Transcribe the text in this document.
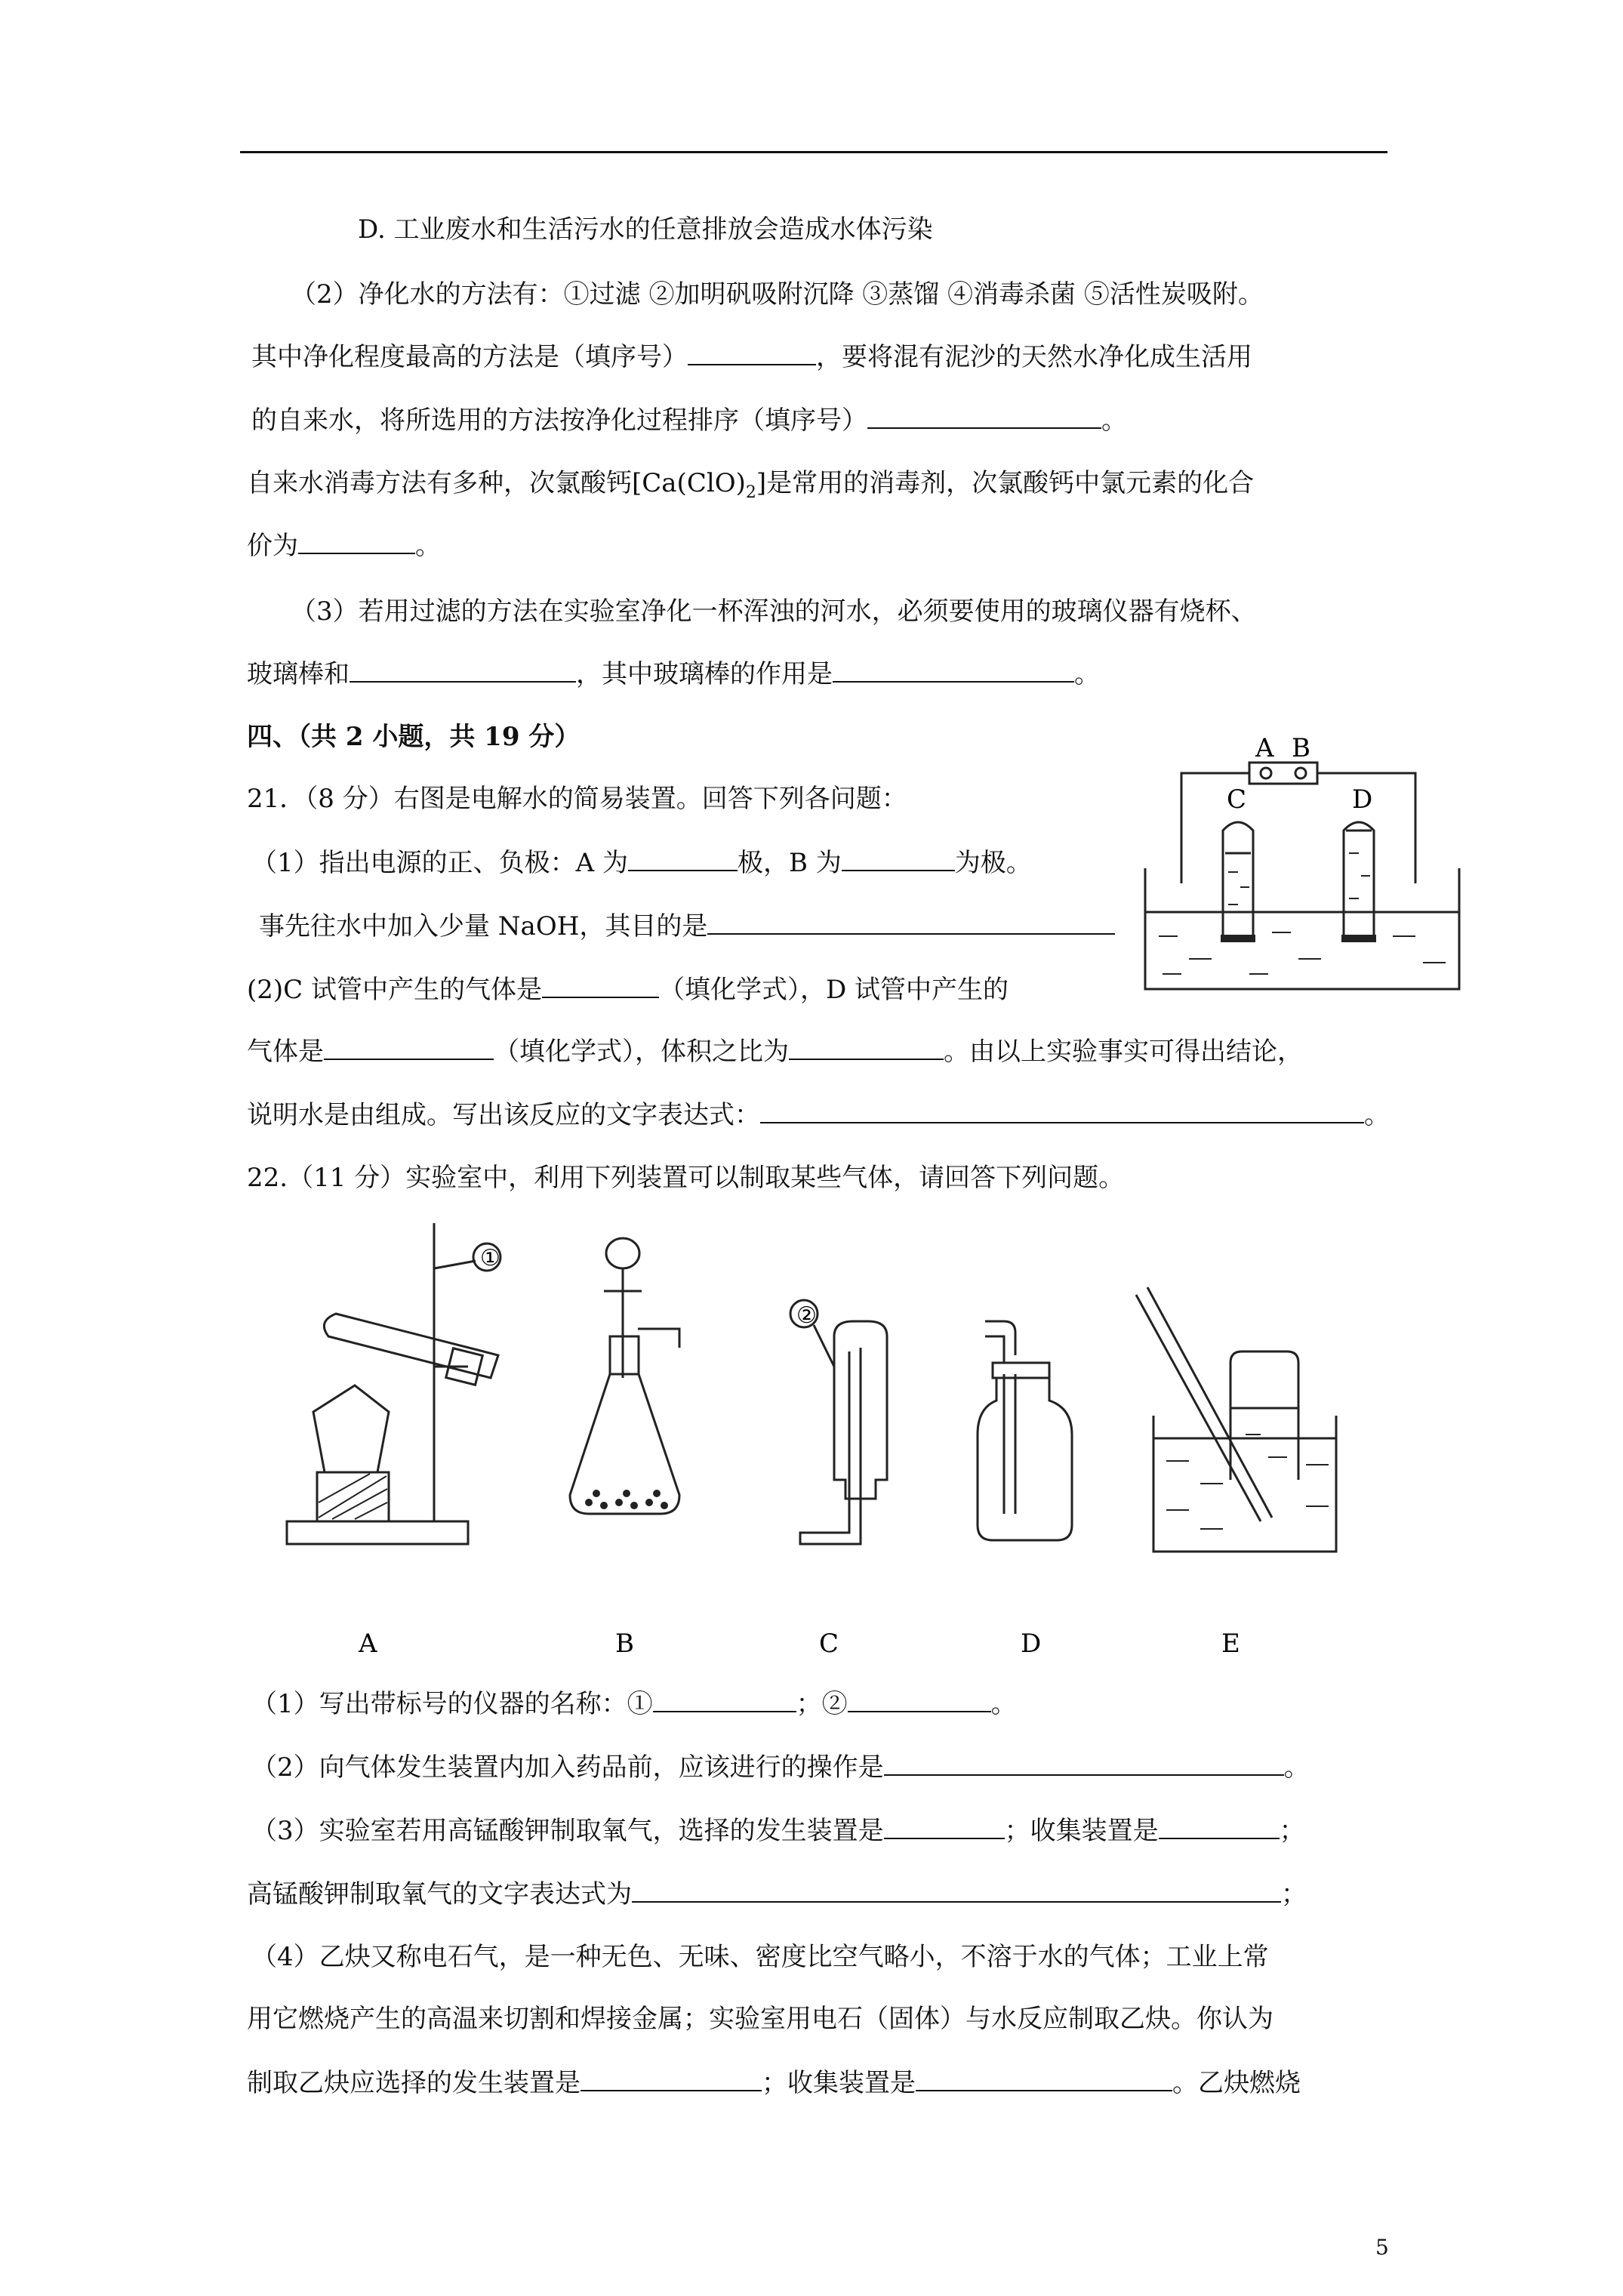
D. 工业废水和生活污水的任意排放会造成水体污染
（2）净化水的方法有：①过滤 ②加明矾吸附沉降 ③蒸馏 ④消毒杀菌 ⑤活性炭吸附。
其中净化程度最高的方法是（填序号）	，要将混有泥沙的天然水净化成生活用
的自来水，将所选用的方法按净化过程排序（填序号）	。
自来水消毒方法有多种，次氯酸钙$[Ca(ClO)_2]$是常用的消毒剂，次氯酸钙中氯元素的化合
价为	。
（3）若用过滤的方法在实验室净化一杯浑浊的河水，必须要使用的玻璃仪器有烧杯、
玻璃棒和	，其中玻璃棒的作用是	。
四、（共 2 小题，共 19 分）
21．（8 分）右图是电解水的简易装置。回答下列各问题：
（1）指出电源的正、负极：A 为	极，B 为	为极。
事先往水中加入少量 NaOH，其目的是
(2)C 试管中产生的气体是	（填化学式），D 试管中产生的
气体是	（填化学式），体积之比为	。由以上实验事实可得出结论，
说明水是由组成。写出该反应的文字表达式：	。
A B
C	D
22.（11 分）实验室中，利用下列装置可以制取某些气体，请回答下列问题。
①
②
A	B	C	D	E
（1）写出带标号的仪器的名称：①	；②	。
（2）向气体发生装置内加入药品前，应该进行的操作是	。
（3）实验室若用高锰酸钾制取氧气，选择的发生装置是	；收集装置是	；
高锰酸钾制取氧气的文字表达式为	；
（4）乙炔又称电石气，是一种无色、无味、密度比空气略小，不溶于水的气体；工业上常
用它燃烧产生的高温来切割和焊接金属；实验室用电石（固体）与水反应制取乙炔。你认为
制取乙炔应选择的发生装置是	；收集装置是	。乙炔燃烧
5
